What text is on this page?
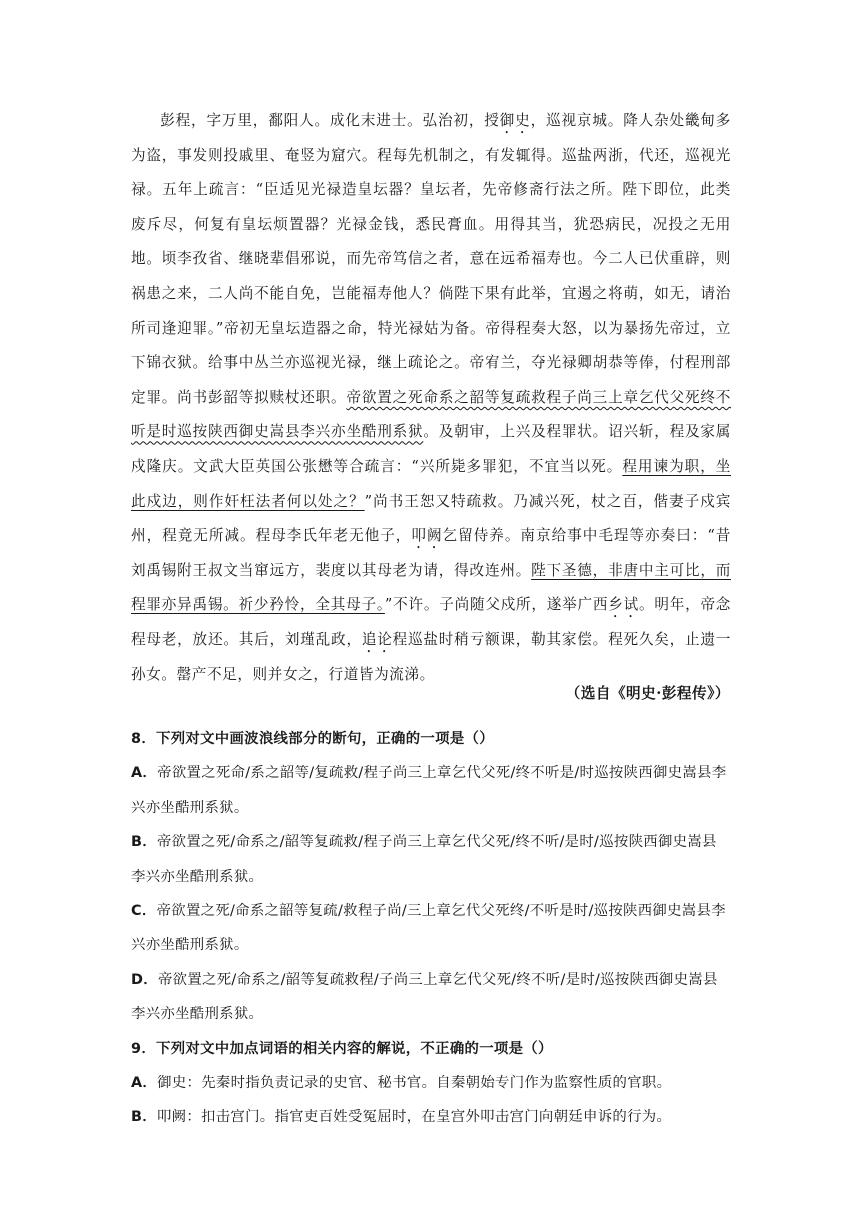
彭程，字万里，鄱阳人。成化末进士。弘治初，授御史，巡视京城。降人杂处畿甸多为盗，事发则投戚里、奄竖为窟穴。程每先机制之，有发辄得。巡盐两浙，代还，巡视光禄。五年上疏言：“臣适见光禄造皇坛器？皇坛者，先帝修斋行法之所。陛下即位，此类废斥尽，何复有皇坛烦置器？光禄金钱，悉民膏血。用得其当，犹恐病民，况投之无用地。顷李孜省、继晓辈倡邪说，而先帝笃信之者，意在远希福寿也。今二人已伏重辟，则祸患之来，二人尚不能自免，岂能福寿他人？倘陛下果有此举，宜遏之将萌，如无，请治所司逢迎罪。”帝初无皇坛造器之命，特光禄姑为备。帝得程奏大怒，以为暴扬先帝过，立下锦衣狱。给事中丛兰亦巡视光禄，继上疏论之。帝宥兰，夺光禄卿胡恭等俸，付程刑部定罪。尚书彭韶等拟赎杖还职。帝欲置之死命系之韶等复疏救程子尚三上章乞代父死终不听是时巡按陕西御史嵩县李兴亦坐酷刑系狱。及朝审，上兴及程罪状。诏兴斩，程及家属戍隆庆。文武大臣英国公张懋等合疏言：“兴所毙多罪犯，不宜当以死。程用谏为职，坐此戍边，则作奸枉法者何以处之？”尚书王恕又特疏救。乃减兴死，杖之百，偕妻子戍宾州，程竟无所减。程母李氏年老无他子，叩阙乞留侍养。南京给事中毛珵等亦奏曰：“昔刘禹锡附王叔文当窜远方，裴度以其母老为请，得改连州。陛下圣德，非唐中主可比，而程罪亦异禹锡。祈少矜怜，全其母子。”不许。子尚随父戍所，遂举广西乡试。明年，帝念程母老，放还。其后，刘瑾乱政，追论程巡盐时稍亏额课，勒其家偿。程死久矣，止遗一孙女。罄产不足，则并女之，行道皆为流涕。

（选自《明史·彭程传》）

8．下列对文中画波浪线部分的断句，正确的一项是（）

A．帝欲置之死命/系之韶等/复疏救/程子尚三上章乞代父死/终不听是/时巡按陕西御史嵩县李兴亦坐酷刑系狱。

B．帝欲置之死/命系之/韶等复疏救/程子尚三上章乞代父死/终不听/是时/巡按陕西御史嵩县李兴亦坐酷刑系狱。

C．帝欲置之死/命系之韶等复疏/救程子尚/三上章乞代父死终/不听是时/巡按陕西御史嵩县李兴亦坐酷刑系狱。

D．帝欲置之死/命系之/韶等复疏救程/子尚三上章乞代父死/终不听/是时/巡按陕西御史嵩县李兴亦坐酷刑系狱。

9．下列对文中加点词语的相关内容的解说，不正确的一项是（）

A．御史：先秦时指负责记录的史官、秘书官。自秦朝始专门作为监察性质的官职。

B．叩阙：扣击宫门。指官吏百姓受冤屈时，在皇宫外叩击宫门向朝廷申诉的行为。
